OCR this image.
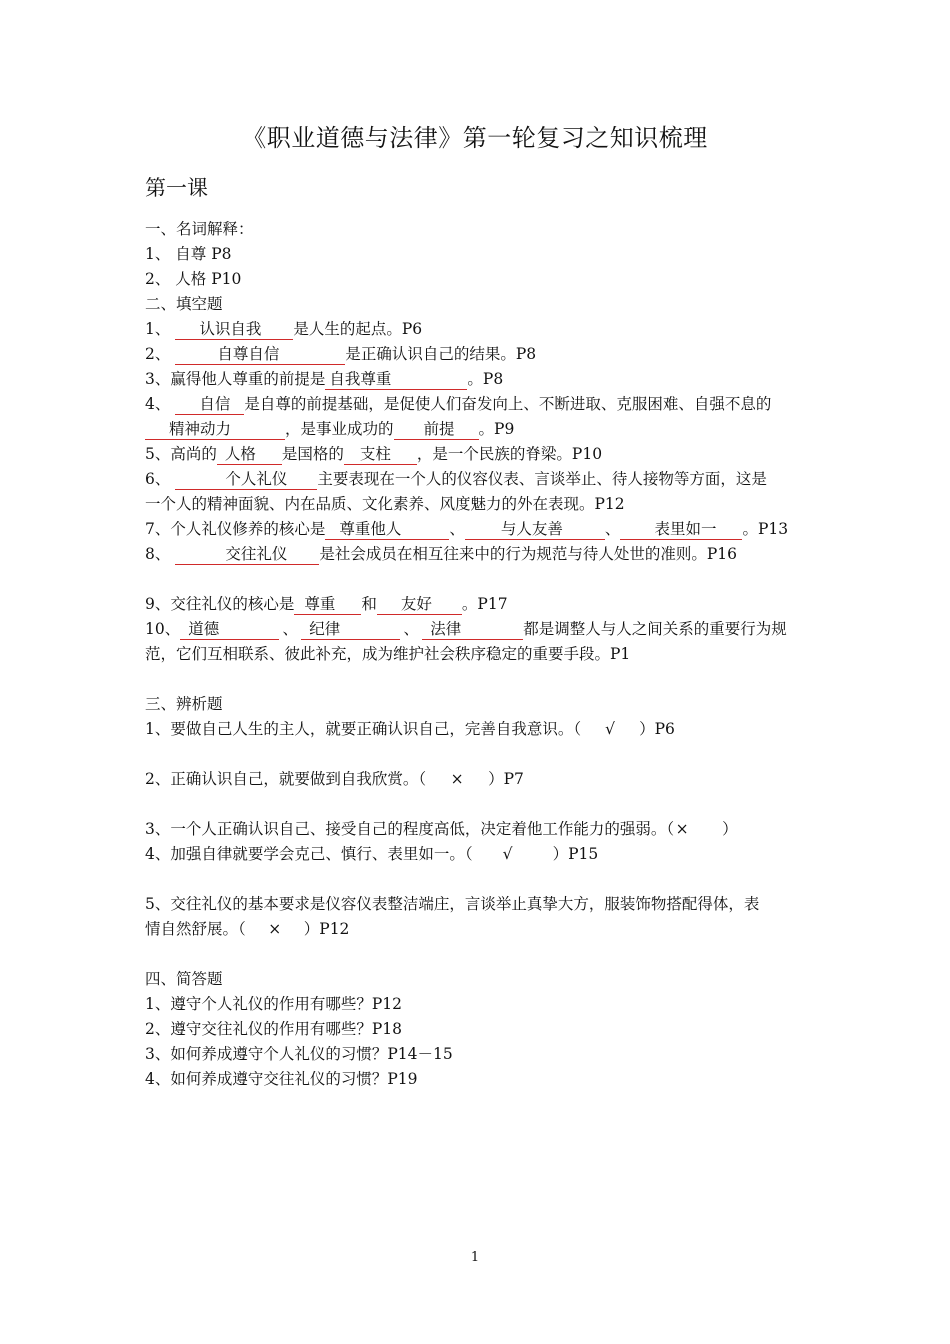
《职业道德与法律》第一轮复习之知识梳理
第一课
一、名词解释：
1、 自尊 P8
2、 人格 P10
二、填空题
1、 认识自我 是人生的起点。P6
2、	自尊自信	是正确认识自己的结果。P8
3、赢得他人尊重的前提是 自我尊重	。P8
4、 自信 是自尊的前提基础，是促使人们奋发向上、不断进取、克服困难、自强不息的
精神动力	，是事业成功的 前提 。P9
5、高尚的 人格 是国格的 支柱 ，是一个民族的脊梁。P10
6、	个人礼仪 主要表现在一个人的仪容仪表、言谈举止、待人接物等方面，这是
一个人的精神面貌、内在品质、文化素养、风度魅力的外在表现。P12
7、个人礼仪修养的核心是 尊重他人	、 与人友善	、 表里如一 。P13
8、	交往礼仪 是社会成员在相互往来中的行为规范与待人处世的准则。P16
9、交往礼仪的核心是 尊重 和 友好 。P17
10、 道德	、 纪律	、 法律	都是调整人与人之间关系的重要行为规
范，它们互相联系、彼此补充，成为维护社会秩序稳定的重要手段。P1
三、辨析题
1、要做自己人生的主人，就要正确认识自己，完善自我意识。（ √ ）P6
2、正确认识自己，就要做到自我欣赏。（ × ）P7
3、一个人正确认识自己、接受自己的程度高低，决定着他工作能力的强弱。（× ）
4、加强自律就要学会克己、慎行、表里如一。（ √	）P15
5、交往礼仪的基本要求是仪容仪表整洁端庄，言谈举止真挚大方，服装饰物搭配得体，表
情自然舒展。（ × ）P12
四、简答题
1、遵守个人礼仪的作用有哪些？P12
2、遵守交往礼仪的作用有哪些？P18
3、如何养成遵守个人礼仪的习惯？P14－15
4、如何养成遵守交往礼仪的习惯？P19
1
